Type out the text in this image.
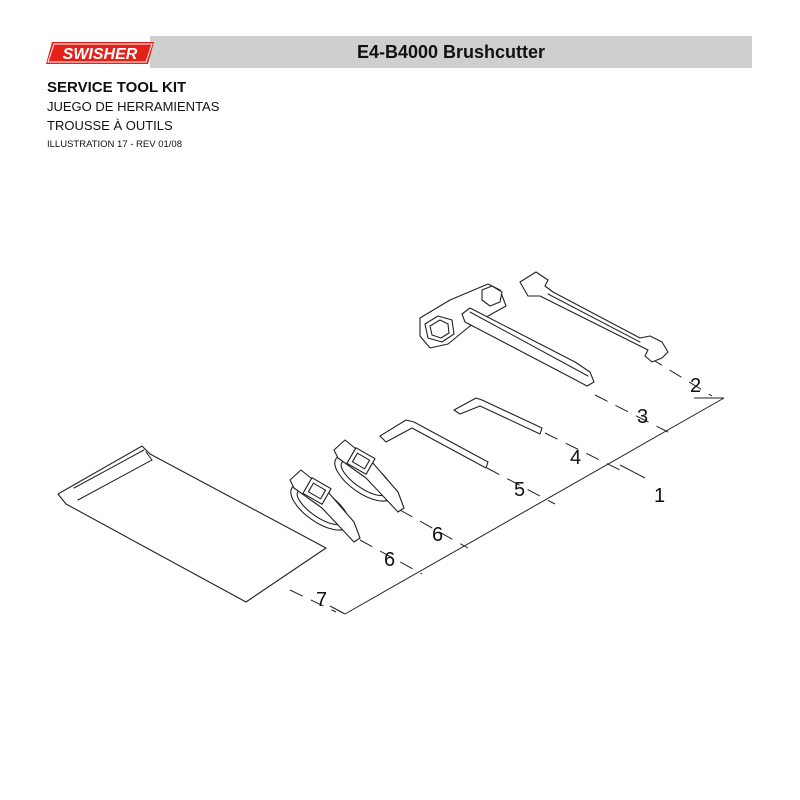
E4-B4000 Brushcutter
SWISHER

SERVICE TOOL KIT

JUEGO DE HERRAMIENTAS

TROUSSE À OUTILS

ILLUSTRATION 17 - REV 01/08

2
3
4
5	1
6
6
7
